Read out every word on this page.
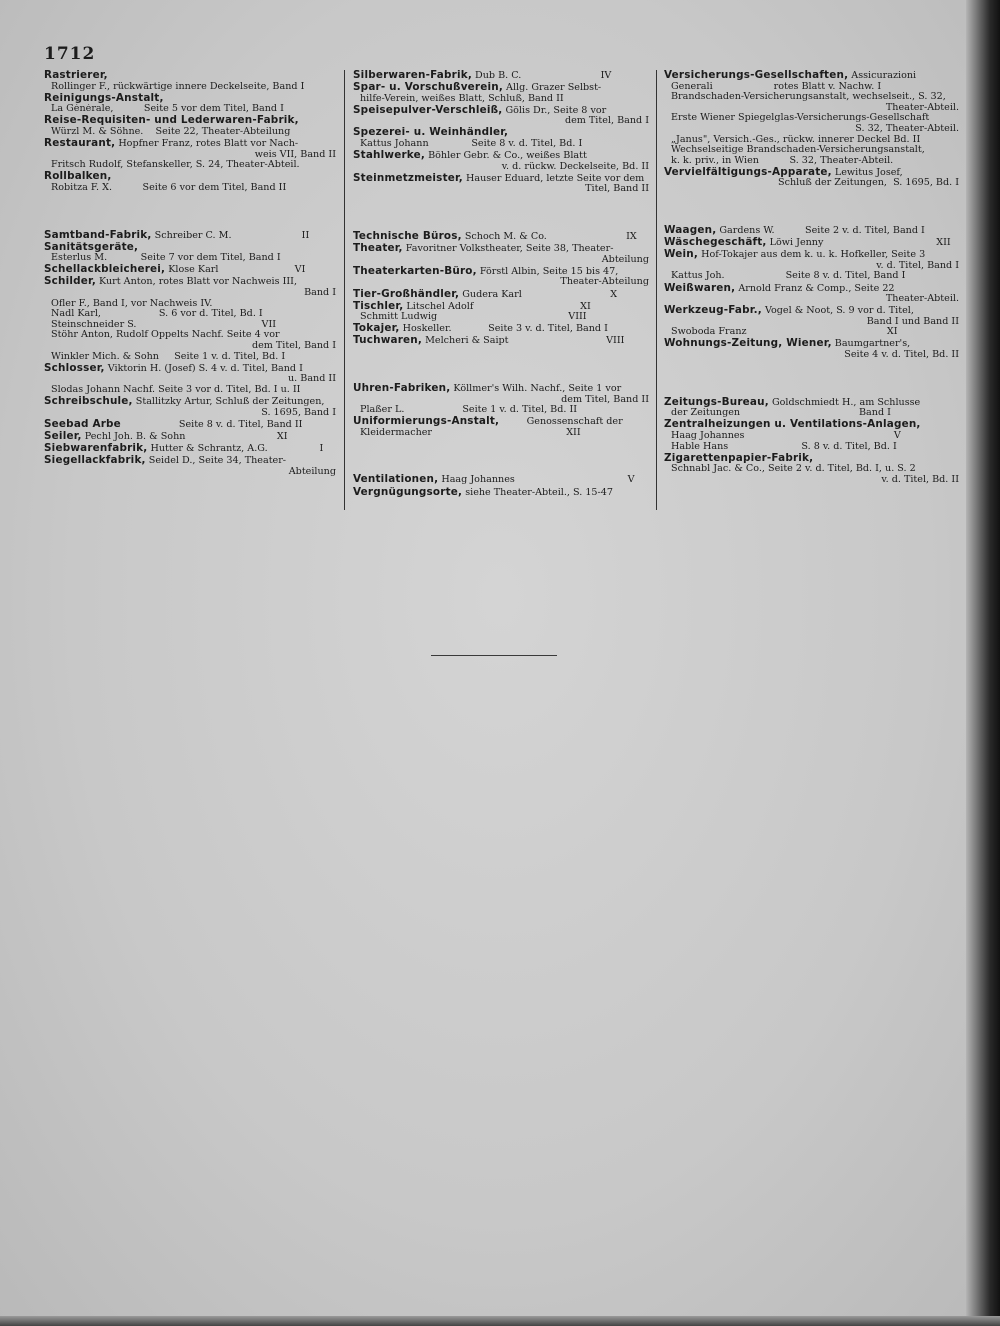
1712
Rastrierer,
Rollinger F., rückwärtige innere Deckelseite, Band I
Reinigungs-Anstalt,
La Générale,          Seite 5 vor dem Titel, Band I
Reise-Requisiten- und Lederwaren-Fabrik,
Würzl M. & Söhne.    Seite 22, Theater-Abteilung
Restaurant, Hopfner Franz, rotes Blatt vor Nach-
weis VII, Band II
Fritsch Rudolf, Stefanskeller, S. 24, Theater-Abteil.
Rollbalken,
Robitza F. X.          Seite 6 vor dem Titel, Band II
Samtband-Fabrik, Schreiber C. M.                       II
Sanitätsgeräte,
Esterlus M.           Seite 7 vor dem Titel, Band I
Schellackbleicherei, Klose Karl                         VI
Schilder, Kurt Anton, rotes Blatt vor Nachweis III,
Band I
Ofler F., Band I, vor Nachweis IV.
Nadl Karl,                   S. 6 vor d. Titel, Bd. I
Steinschneider S.                                         VII
Stöhr Anton, Rudolf Oppelts Nachf. Seite 4 vor
dem Titel, Band I
Winkler Mich. & Sohn     Seite 1 v. d. Titel, Bd. I
Schlosser, Viktorin H. (Josef) S. 4 v. d. Titel, Band I
u. Band II
Slodas Johann Nachf. Seite 3 vor d. Titel, Bd. I u. II
Schreibschule, Stallitzky Artur, Schluß der Zeitungen,
S. 1695, Band I
Seebad Arbe                   Seite 8 v. d. Titel, Band II
Seiler, Pechl Joh. B. & Sohn                              XI
Siebwarenfabrik, Hutter & Schrantz, A.G.                 I
Siegellackfabrik, Seidel D., Seite 34, Theater-
Abteilung
Silberwaren-Fabrik, Dub B. C.                          IV
Spar- u. Vorschußverein, Allg. Grazer Selbst-
hilfe-Verein, weißes Blatt, Schluß, Band II
Speisepulver-Verschleiß, Gölis Dr., Seite 8 vor
dem Titel, Band I
Spezerei- u. Weinhändler,
Kattus Johann              Seite 8 v. d. Titel, Bd. I
Stahlwerke, Böhler Gebr. & Co., weißes Blatt
v. d. rückw. Deckelseite, Bd. II
Steinmetzmeister, Hauser Eduard, letzte Seite vor dem
Titel, Band II
Technische Büros, Schoch M. & Co.                          IX
Theater, Favoritner Volkstheater, Seite 38, Theater-
Abteilung
Theaterkarten-Büro, Förstl Albin, Seite 15 bis 47,
Theater-Abteilung
Tier-Großhändler, Gudera Karl                             X
Tischler, Litschel Adolf                                   XI
Schmitt Ludwig                                           VIII
Tokajer, Hoskeller.            Seite 3 v. d. Titel, Band I
Tuchwaren, Melcheri & Saipt                                VIII
Uhren-Fabriken, Köllmer's Wilh. Nachf., Seite 1 vor
dem Titel, Band II
Plaßer L.                   Seite 1 v. d. Titel, Bd. II
Uniformierungs-Anstalt,         Genossenschaft der
Kleidermacher                                            XII
Ventilationen, Haag Johannes                                     V
Vergnügungsorte, siehe Theater-Abteil., S. 15-47
Versicherungs-Gesellschaften, Assicurazioni
Generali                    rotes Blatt v. Nachw. I
Brandschaden-Versicherungsanstalt, wechselseit., S. 32,
Theater-Abteil.
Erste Wiener Spiegelglas-Versicherungs-Gesellschaft
S. 32, Theater-Abteil.
„Janus", Versich.-Ges., rückw. innerer Deckel Bd. II
Wechselseitige Brandschaden-Versicherungsanstalt,
k. k. priv., in Wien          S. 32, Theater-Abteil.
Vervielfältigungs-Apparate, Lewitus Josef,
Schluß der Zeitungen,  S. 1695, Bd. I
Waagen, Gardens W.          Seite 2 v. d. Titel, Band I
Wäschegeschäft, Löwi Jenny                                     XII
Wein, Hof-Tokajer aus dem k. u. k. Hofkeller, Seite 3
v. d. Titel, Band I
Kattus Joh.                    Seite 8 v. d. Titel, Band I
Weißwaren, Arnold Franz & Comp., Seite 22
Theater-Abteil.
Werkzeug-Fabr., Vogel & Noot, S. 9 vor d. Titel,
Band I und Band II
Swoboda Franz                                              XI
Wohnungs-Zeitung, Wiener, Baumgartner's,
Seite 4 v. d. Titel, Bd. II
Zeitungs-Bureau, Goldschmiedt H., am Schlusse
der Zeitungen                                       Band I
Zentralheizungen u. Ventilations-Anlagen,
Haag Johannes                                                 V
Hable Hans                        S. 8 v. d. Titel, Bd. I
Zigarettenpapier-Fabrik,
Schnabl Jac. & Co., Seite 2 v. d. Titel, Bd. I, u. S. 2
v. d. Titel, Bd. II
